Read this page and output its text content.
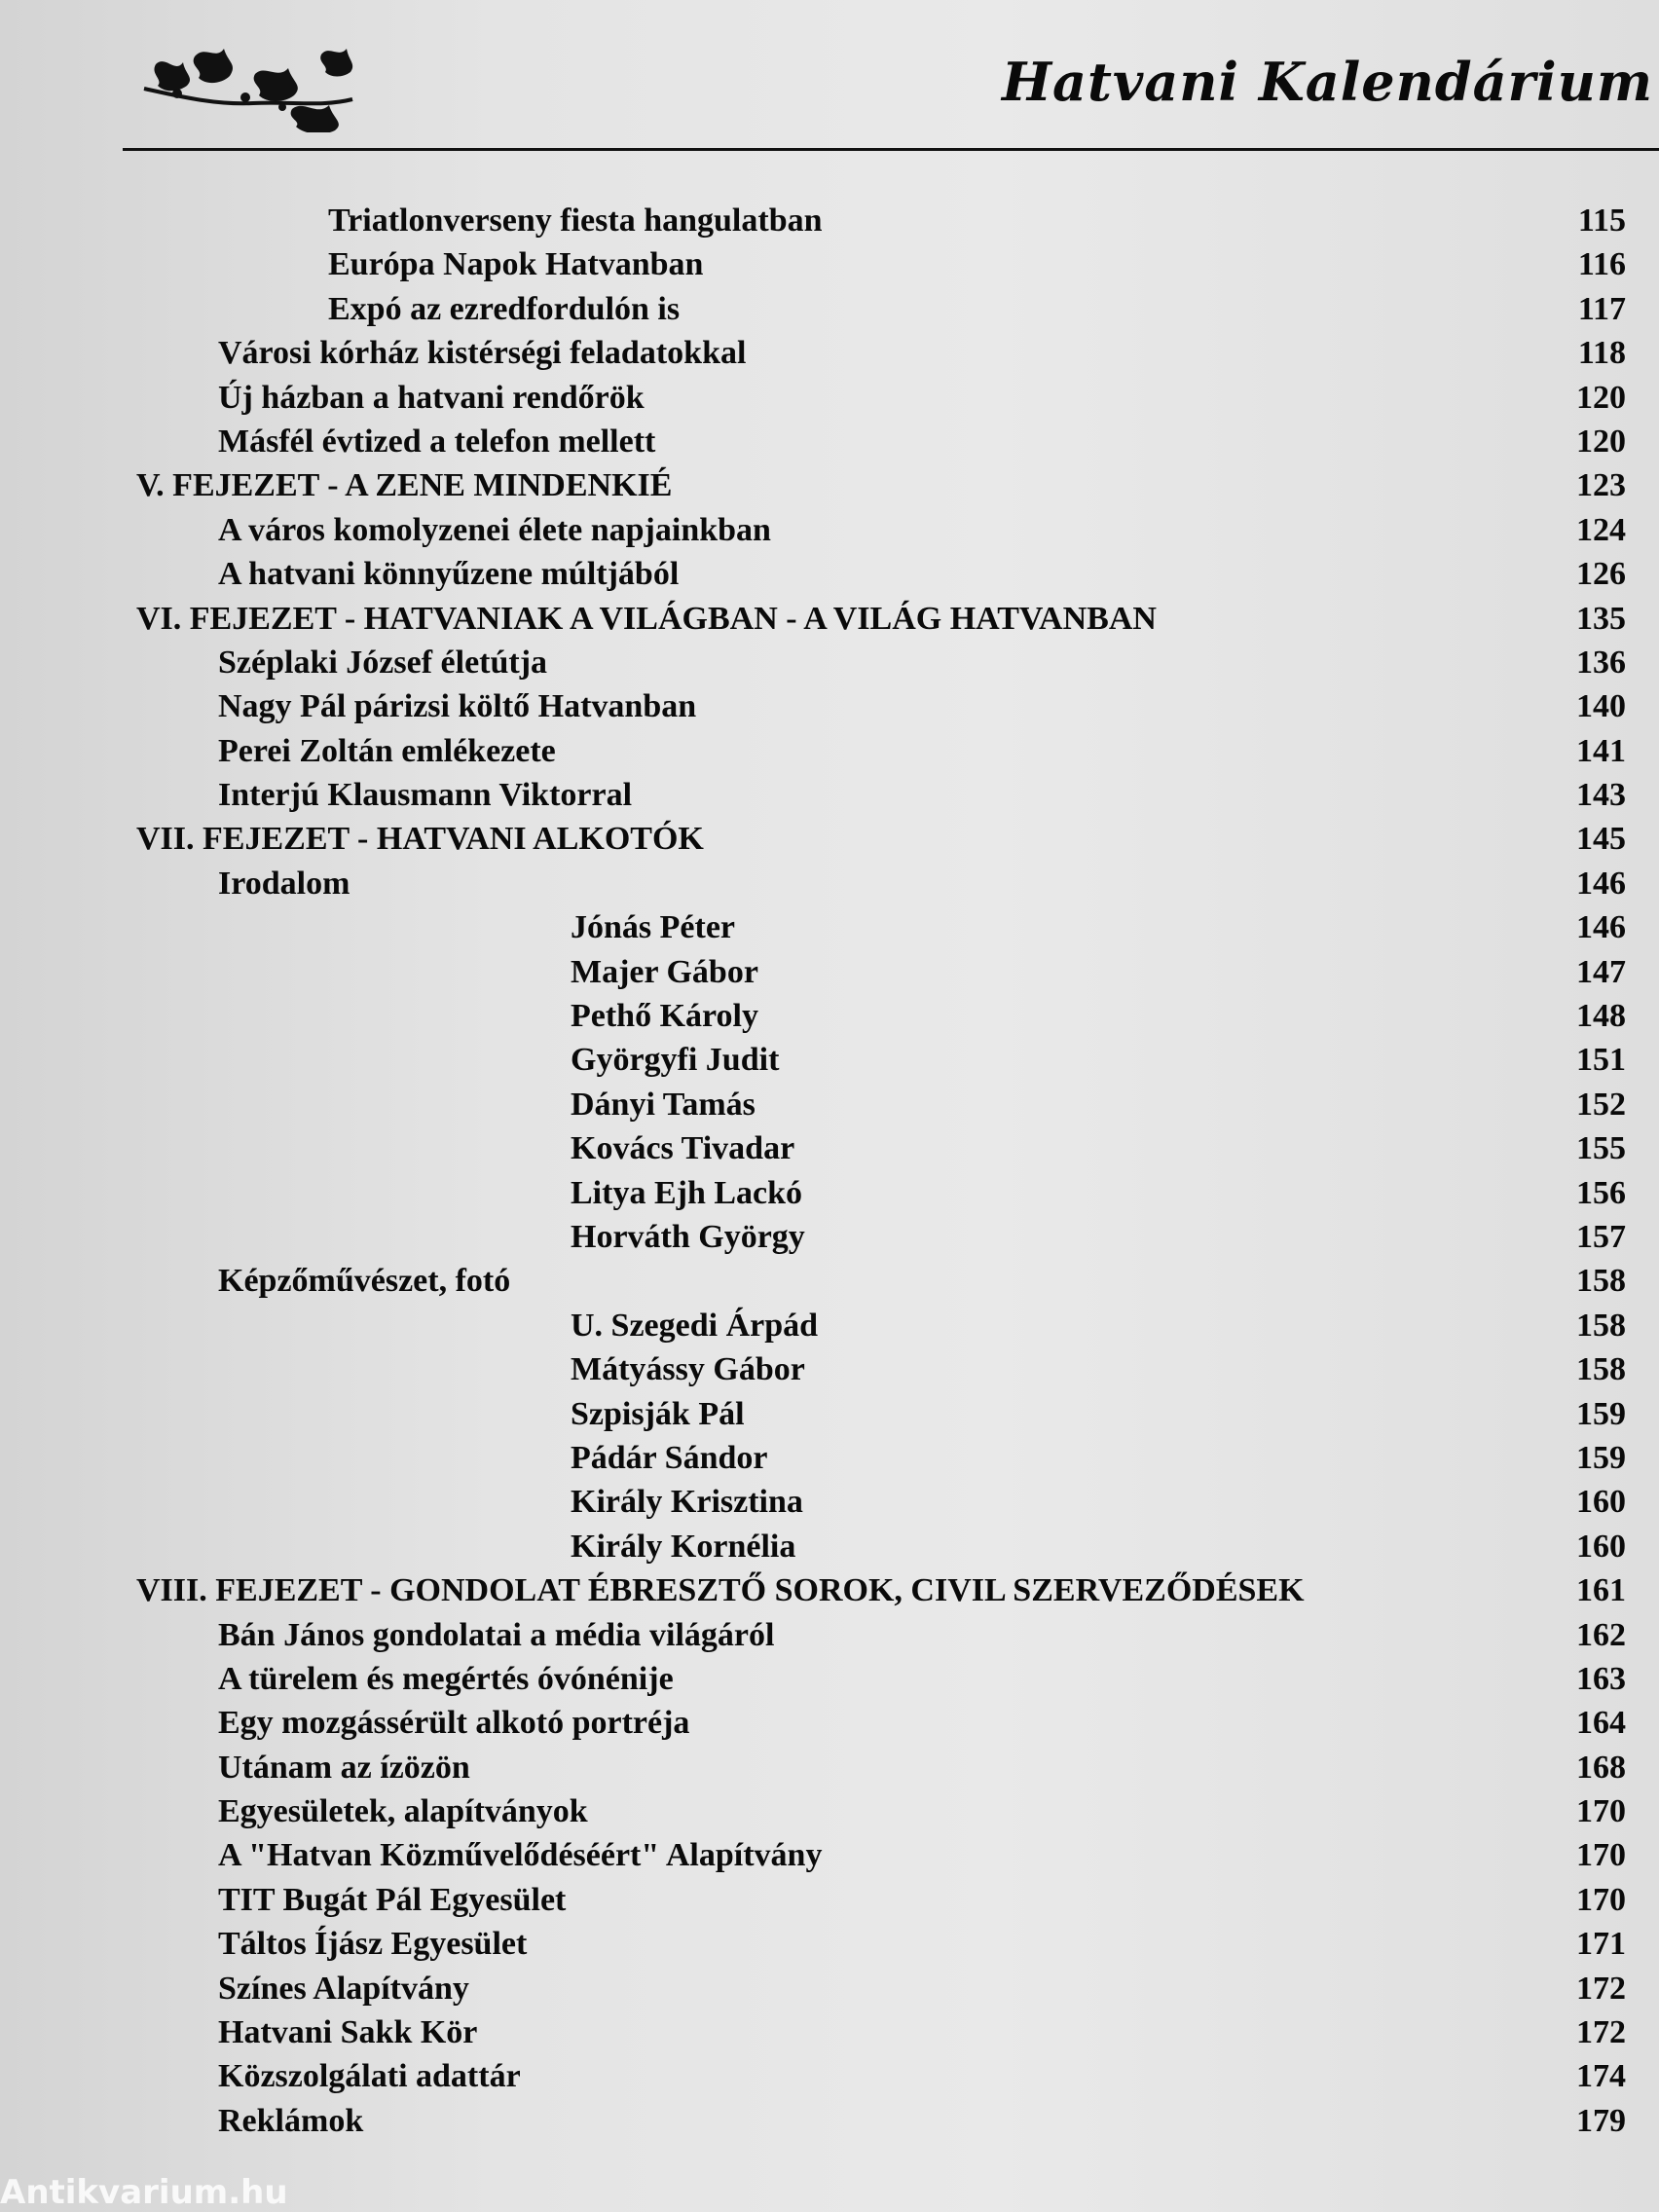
Hatvani Kalendárium
Triatlonverseny fiesta hangulatban	115
Európa Napok Hatvanban	116
Expó az ezredfordulón is	117
Városi kórház kistérségi feladatokkal	118
Új házban a hatvani rendőrök	120
Másfél évtized a telefon mellett	120
V. FEJEZET - A ZENE MINDENKIÉ	123
A város komolyzenei élete napjainkban	124
A hatvani könnyűzene múltjából	126
VI. FEJEZET - HATVANIAK A VILÁGBAN - A VILÁG HATVANBAN	135
Széplaki József életútja	136
Nagy Pál párizsi költő Hatvanban	140
Perei Zoltán emlékezete	141
Interjú Klausmann Viktorral	143
VII. FEJEZET - HATVANI ALKOTÓK	145
Irodalom	146
Jónás Péter	146
Majer Gábor	147
Pethő Károly	148
Györgyfi Judit	151
Dányi Tamás	152
Kovács Tivadar	155
Litya Ejh Lackó	156
Horváth György	157
Képzőművészet, fotó	158
U. Szegedi Árpád	158
Mátyássy Gábor	158
Szpisják Pál	159
Pádár Sándor	159
Király Krisztina	160
Király Kornélia	160
VIII. FEJEZET - GONDOLAT ÉBRESZTŐ SOROK, CIVIL SZERVEZŐDÉSEK	161
Bán János gondolatai a média világáról	162
A türelem és megértés óvónénije	163
Egy mozgássérült alkotó portréja	164
Utánam az ízözön	168
Egyesületek, alapítványok	170
A "Hatvan Közművelődéséért" Alapítvány	170
TIT Bugát Pál Egyesület	170
Táltos Íjász Egyesület	171
Színes Alapítvány	172
Hatvani Sakk Kör	172
Közszolgálati adattár	174
Reklámok	179
Antikvarium.hu
